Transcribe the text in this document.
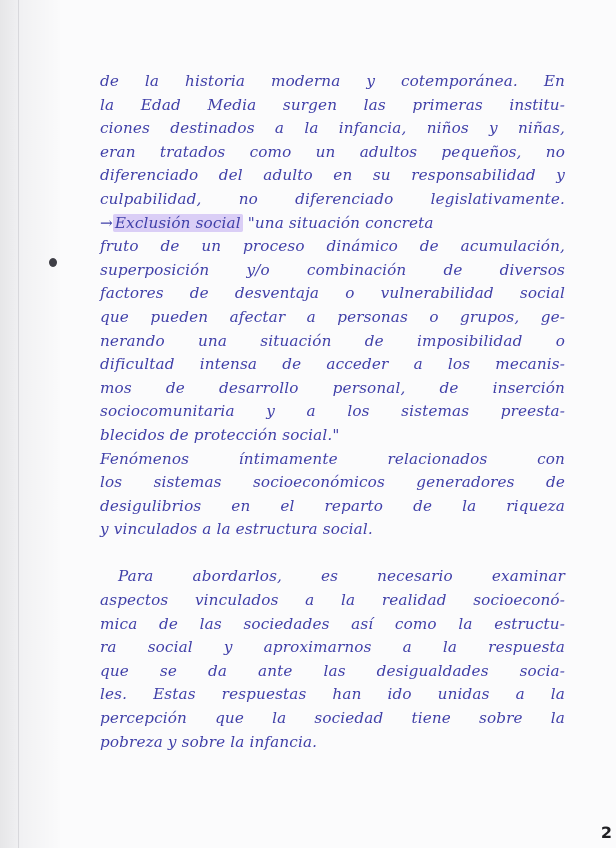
de la historia moderna y cotemporánea. En
la Edad Media surgen las primeras institu-
ciones destinados a la infancia, niños y niñas,
eran tratados como un adultos pequeños, no
diferenciado del adulto en su responsabilidad y
culpabilidad, no diferenciado legislativamente.
→ Exclusión social "una situación concreta
fruto de un proceso dinámico de acumulación,
superposición y/o combinación de diversos
factores de desventaja o vulnerabilidad social
que pueden afectar a personas o grupos, ge-
nerando una situación de imposibilidad o
dificultad intensa de acceder a los mecanis-
mos de desarrollo personal, de inserción
sociocomunitaria y a los sistemas preesta-
blecidos de protección social."
Fenómenos íntimamente relacionados con
los sistemas socioeconómicos generadores de
desigulibrios en el reparto de la riqueza
y vinculados a la estructura social.
Para abordarlos, es necesario examinar
aspectos vinculados a la realidad socioeconó-
mica de las sociedades así como la estructu-
ra social y aproximarnos a la respuesta
que se da ante las desigualdades socia-
les. Estas respuestas han ido unidas a la
percepción que la sociedad tiene sobre la
pobreza y sobre la infancia.
2
